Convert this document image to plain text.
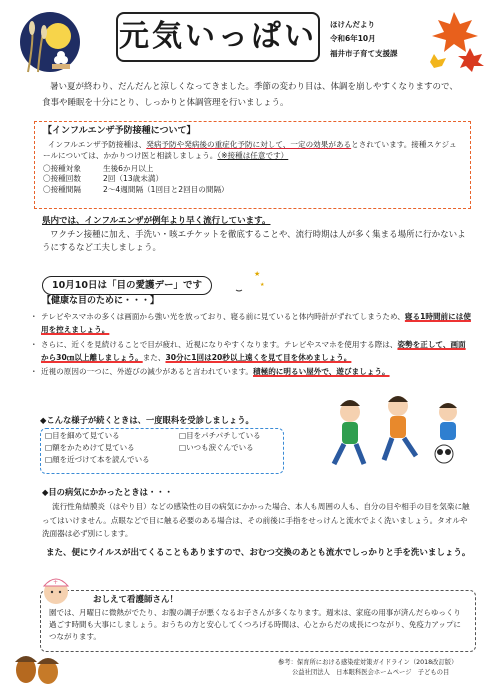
元気いっぱい	ほけんだより
令和6年10月
福井市子育て支援課

暑い夏が終わり、だんだんと涼しくなってきました。季節の変わり目は、体調を崩しやすくなりますので、食事や睡眠を十分にとり、しっかりと体調管理を行いましょう。

【インフルエンザ予防接種について】
インフルエンザ予防接種は、発病予防や発病後の重症化予防に対して、一定の効果があるとされています。接種スケジュールについては、かかりつけ医と相談しましょう。（※接種は任意です）
〇接種対象	生後6か月以上
〇接種回数	2回（13歳未満）
〇接種間隔	2～4週間隔（1回目と2回目の間隔）
県内では、インフルエンザが例年より早く流行しています。
ワクチン接種に加え、手洗い・咳エチケットを徹底することや、流行時期は人が多く集まる場所に行かないようにするなど工夫しましょう。
10月10日は「目の愛護デー」です
★
★
【健康な目のために・・・】
・ テレビやスマホの多くは画面から強い光を放っており、寝る前に見ていると体内時計がずれてしまうため、寝る1時間前には使用を控えましょう。
・ さらに、近くを見続けることで目が疲れ、近視になりやすくなります。テレビやスマホを使用する際は、姿勢を正して、画面から30㎝以上離しましょう。また、30分に1回は20秒以上遠くを見て目を休めましょう。
・ 近視の原因の一つに、外遊びの減少があると言われています。積極的に明るい屋外で、遊びましょう。
◆こんな様子が続くときは、一度眼科を受診しましょう。
□目を細めて見ている	□目をパチパチしている
□額をかためけて見ている	□いつも涙ぐんでいる
□顔を近づけて本を読んでいる
◆目の病気にかかったときは・・・
流行性角結膜炎（はやり目）などの感染性の目の病気にかかった場合、本人も周囲の人も、自分の目や相手の目を気楽に触ってはいけません。点眼などで目に触る必要のある場合は、その前後に手指をせっけんと流水でよく洗いましょう。タオルや洗面器は必ず別にします。
また、便にウイルスが出てくることもありますので、おむつ交換のあとも流水でしっかりと手を洗いましょう。
おしえて看護師さん！
園では、月曜日に微熱がでたり、お腹の調子が悪くなるお子さんが多くなります。週末は、家庭の用事が済んだらゆっくり過ごす時間も大事にしましょう。おうちの方と安心してくつろげる時間は、心とからだの成長につながり、免疫力アップにつながります。
+
参考：保育所における感染症対策ガイドライン（2018改訂版）
公益社団法人　日本眼科医会ホームページ　子どもの目
